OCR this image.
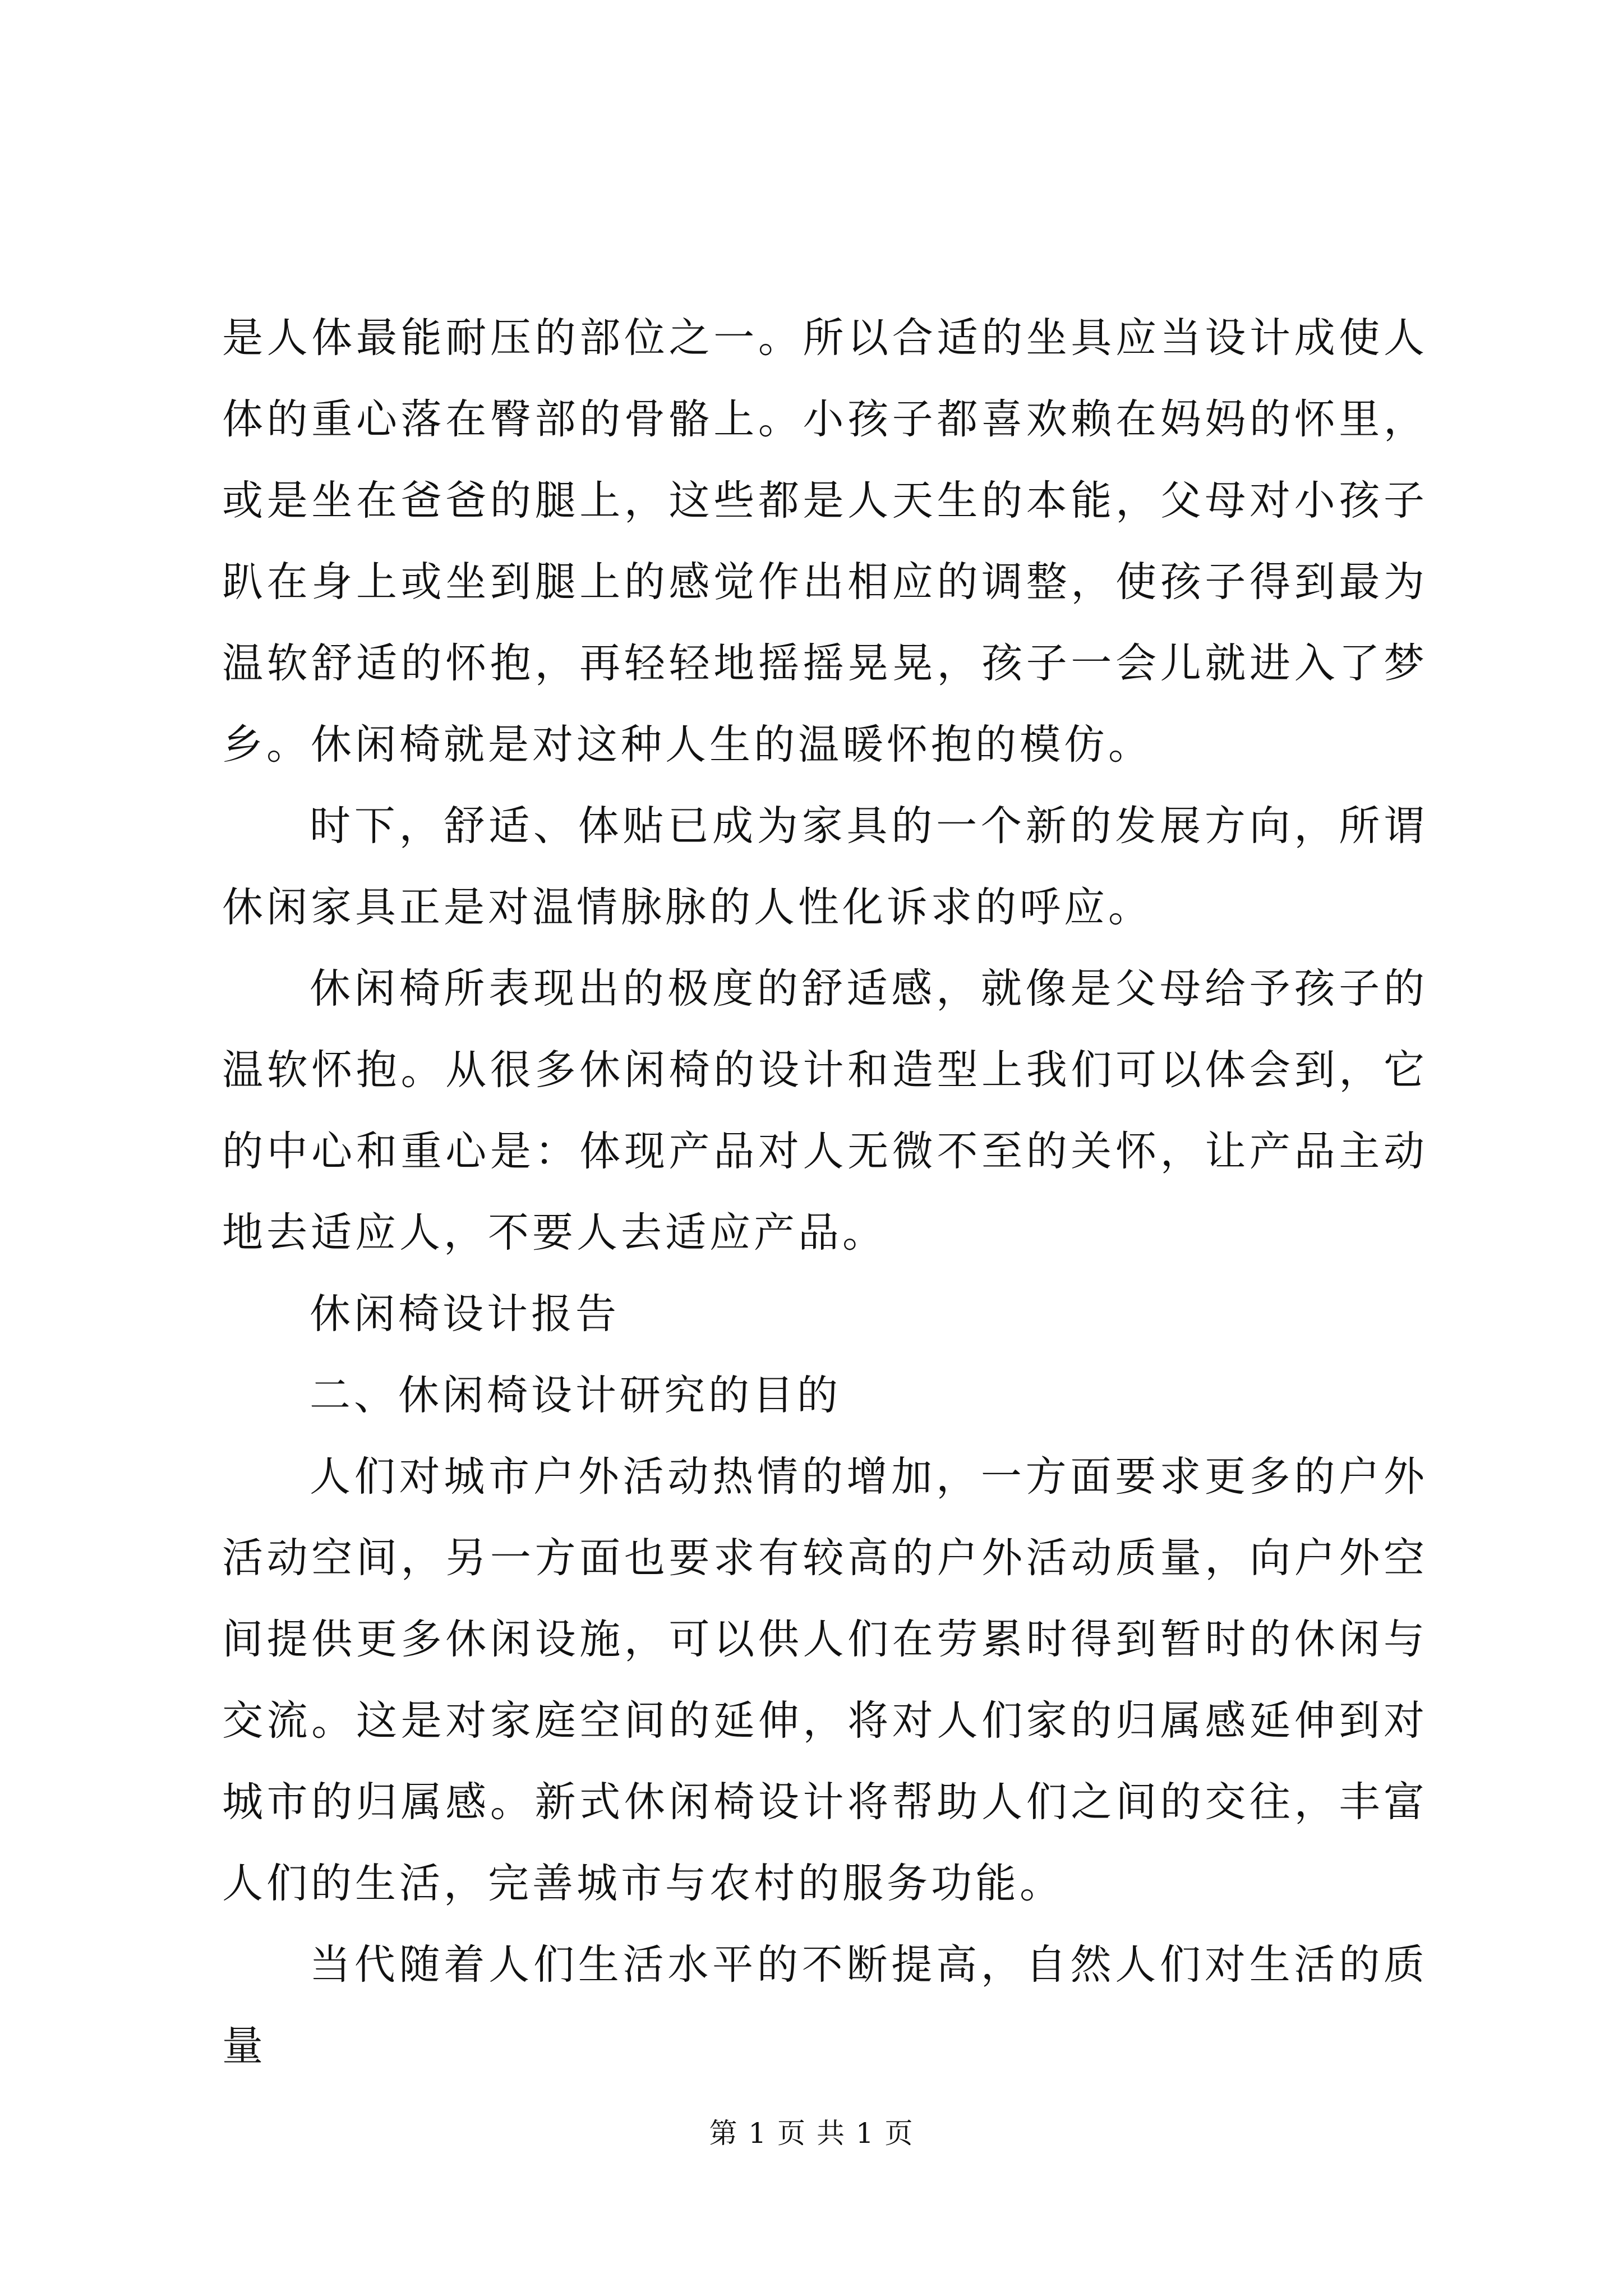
是人体最能耐压的部位之一。所以合适的坐具应当设计成使人体的重心落在臀部的骨骼上。小孩子都喜欢赖在妈妈的怀里，或是坐在爸爸的腿上，这些都是人天生的本能，父母对小孩子趴在身上或坐到腿上的感觉作出相应的调整，使孩子得到最为温软舒适的怀抱，再轻轻地摇摇晃晃，孩子一会儿就进入了梦乡。休闲椅就是对这种人生的温暖怀抱的模仿。

时下，舒适、体贴已成为家具的一个新的发展方向，所谓休闲家具正是对温情脉脉的人性化诉求的呼应。

休闲椅所表现出的极度的舒适感，就像是父母给予孩子的温软怀抱。从很多休闲椅的设计和造型上我们可以体会到，它的中心和重心是：体现产品对人无微不至的关怀，让产品主动地去适应人，不要人去适应产品。

休闲椅设计报告

二、休闲椅设计研究的目的

人们对城市户外活动热情的增加，一方面要求更多的户外活动空间，另一方面也要求有较高的户外活动质量，向户外空间提供更多休闲设施，可以供人们在劳累时得到暂时的休闲与交流。这是对家庭空间的延伸，将对人们家的归属感延伸到对城市的归属感。新式休闲椅设计将帮助人们之间的交往，丰富人们的生活，完善城市与农村的服务功能。

当代随着人们生活水平的不断提高，自然人们对生活的质量

第 1 页 共 1 页
